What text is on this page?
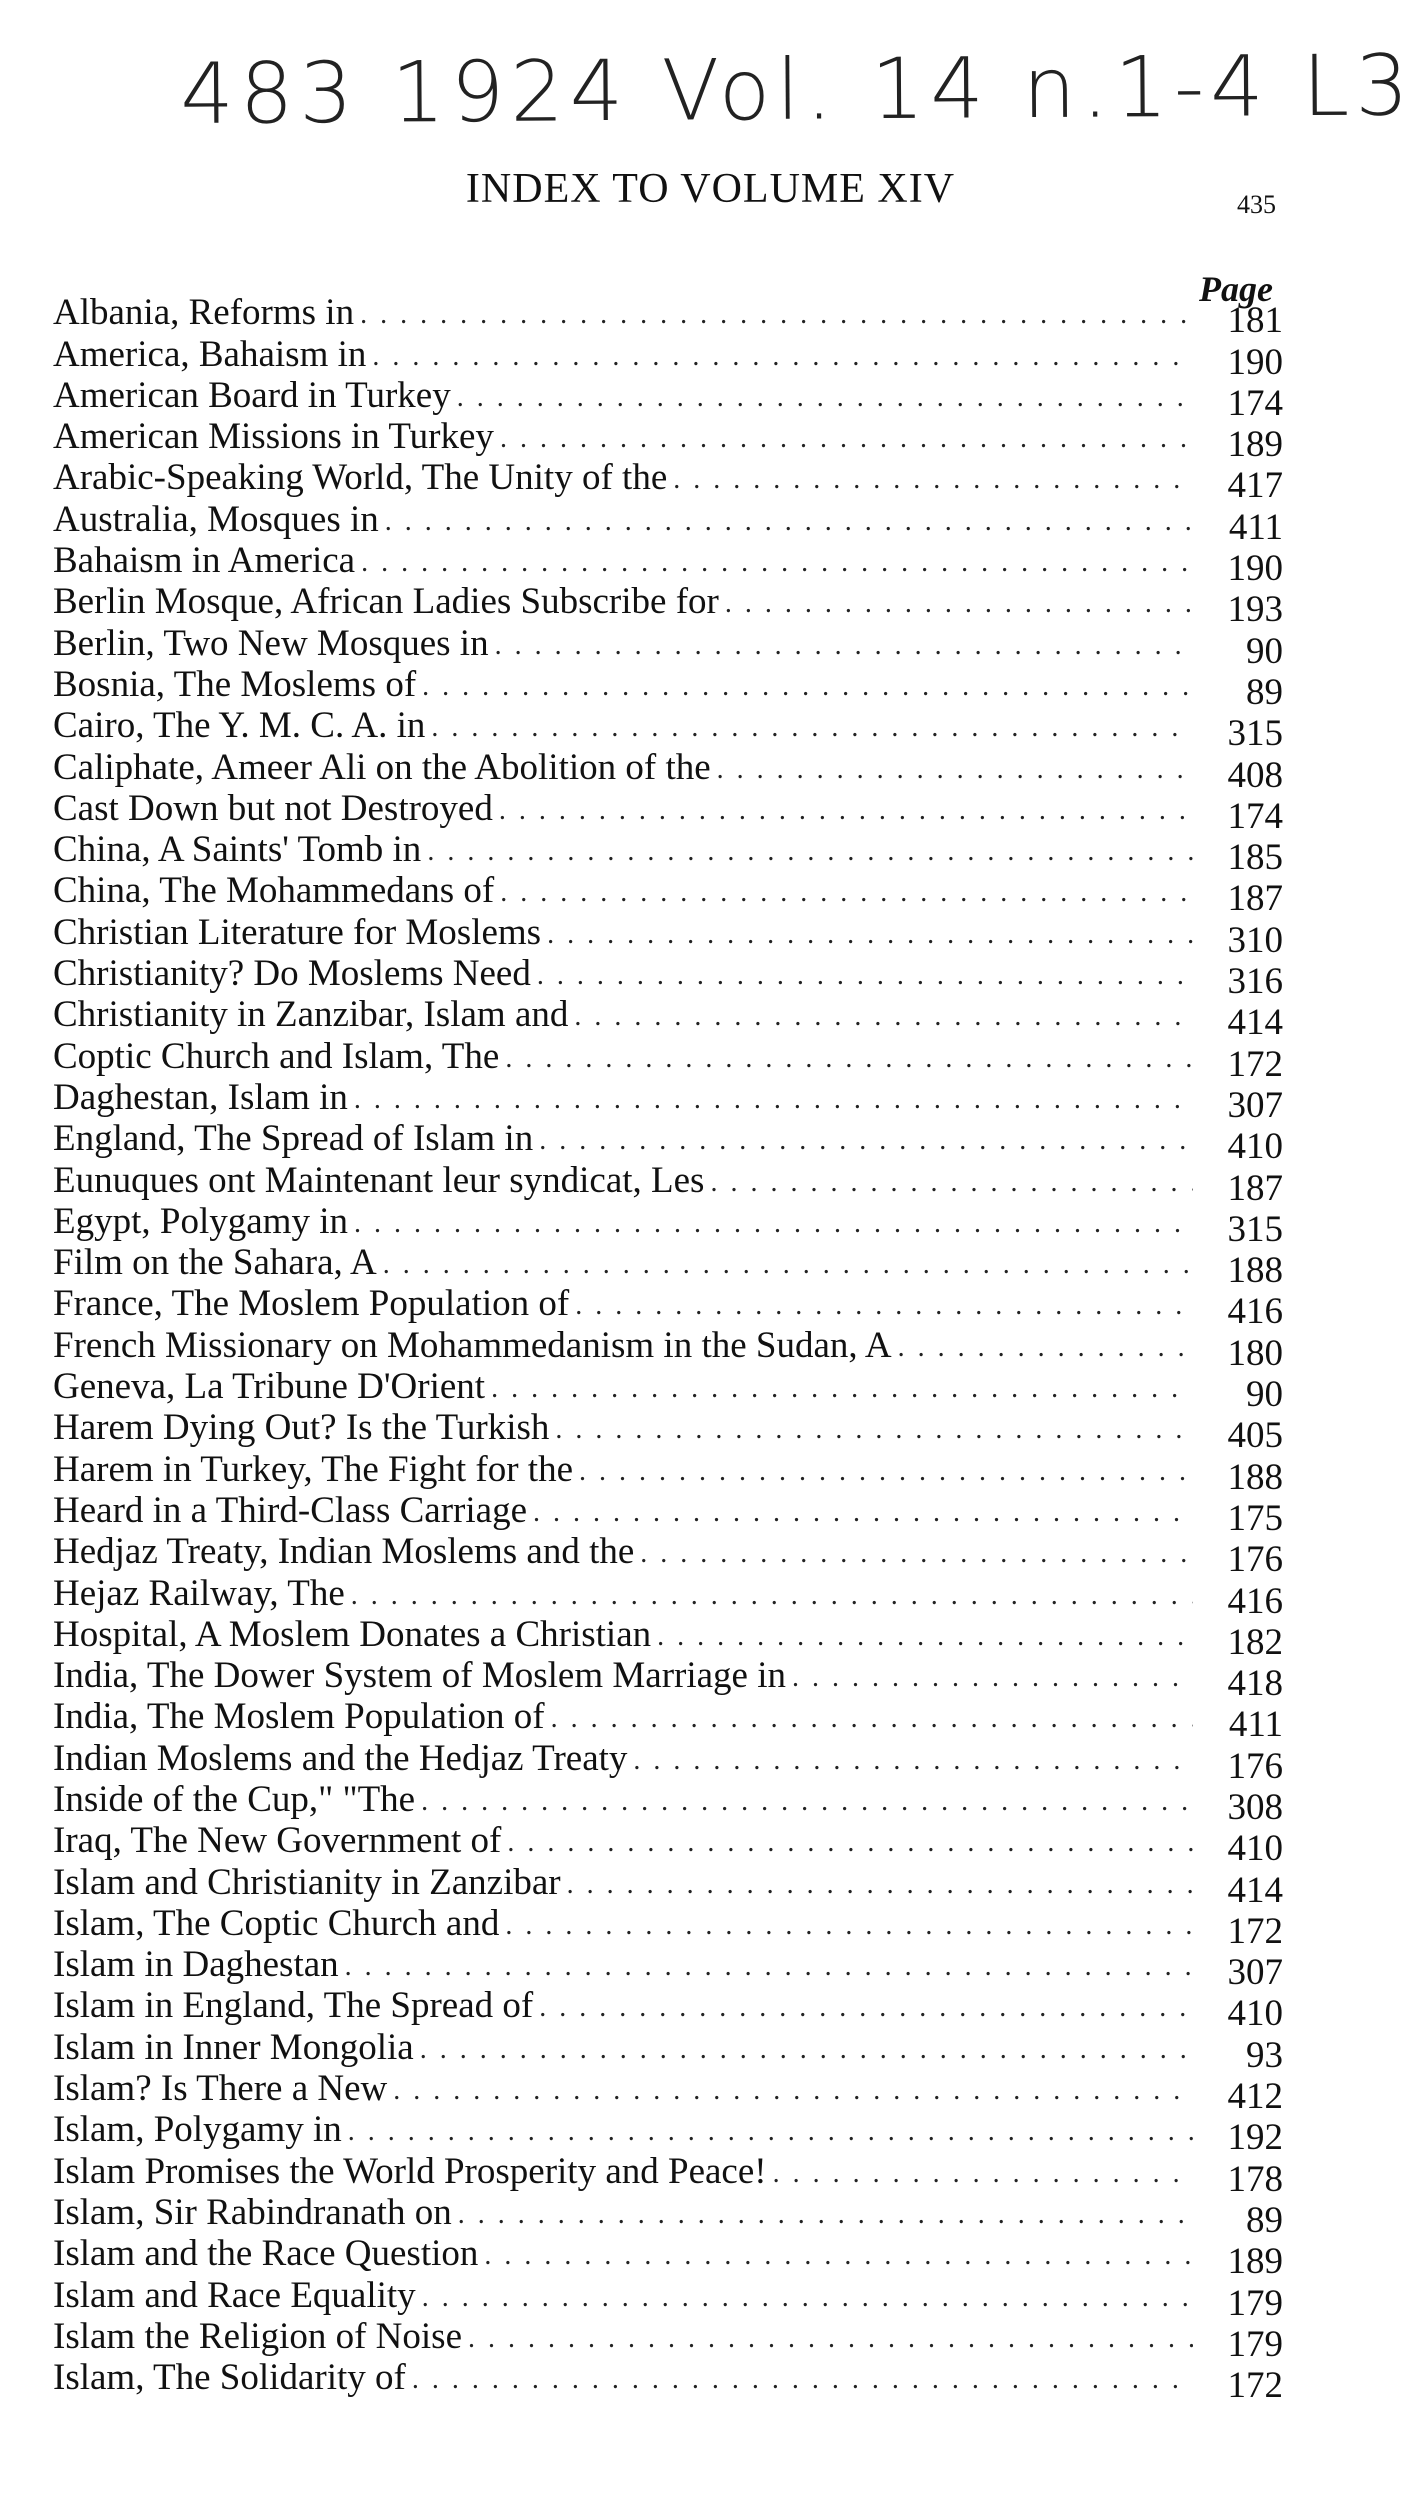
483 1924 Vol. 14 n.1-4 L3
INDEX TO VOLUME XIV	435
Page
Albania, Reforms in . . .	181
America, Bahaism in . . .	190
American Board in Turkey . . .	174
American Missions in Turkey . . .	189
Arabic-Speaking World, The Unity of the . . .	417
Australia, Mosques in . . .	411
Bahaism in America . . .	190
Berlin Mosque, African Ladies Subscribe for . . .	193
Berlin, Two New Mosques in . . .	90
Bosnia, The Moslems of . . .	89
Cairo, The Y. M. C. A. in . . .	315
Caliphate, Ameer Ali on the Abolition of the . . .	408
Cast Down but not Destroyed . . .	174
China, A Saints' Tomb in . . .	185
China, The Mohammedans of . . .	187
Christian Literature for Moslems . . .	310
Christianity? Do Moslems Need . . .	316
Christianity in Zanzibar, Islam and . . .	414
Coptic Church and Islam, The . . .	172
Daghestan, Islam in . . .	307
England, The Spread of Islam in . . .	410
Eunuques ont Maintenant leur syndicat, Les . . .	187
Egypt, Polygamy in . . .	315
Film on the Sahara, A . . .	188
France, The Moslem Population of . . .	416
French Missionary on Mohammedanism in the Sudan, A . . .	180
Geneva, La Tribune D'Orient . . .	90
Harem Dying Out? Is the Turkish . . .	405
Harem in Turkey, The Fight for the . . .	188
Heard in a Third-Class Carriage . . .	175
Hedjaz Treaty, Indian Moslems and the . . .	176
Hejaz Railway, The . . .	416
Hospital, A Moslem Donates a Christian . . .	182
India, The Dower System of Moslem Marriage in . . .	418
India, The Moslem Population of . . .	411
Indian Moslems and the Hedjaz Treaty . . .	176
Inside of the Cup," "The . . .	308
Iraq, The New Government of . . .	410
Islam and Christianity in Zanzibar . . .	414
Islam, The Coptic Church and . . .	172
Islam in Daghestan . . .	307
Islam in England, The Spread of . . .	410
Islam in Inner Mongolia . . .	93
Islam? Is There a New . . .	412
Islam, Polygamy in . . .	192
Islam Promises the World Prosperity and Peace! . . .	178
Islam, Sir Rabindranath on . . .	89
Islam and the Race Question . . .	189
Islam and Race Equality . . .	179
Islam the Religion of Noise . . .	179
Islam, The Solidarity of . . .	172
